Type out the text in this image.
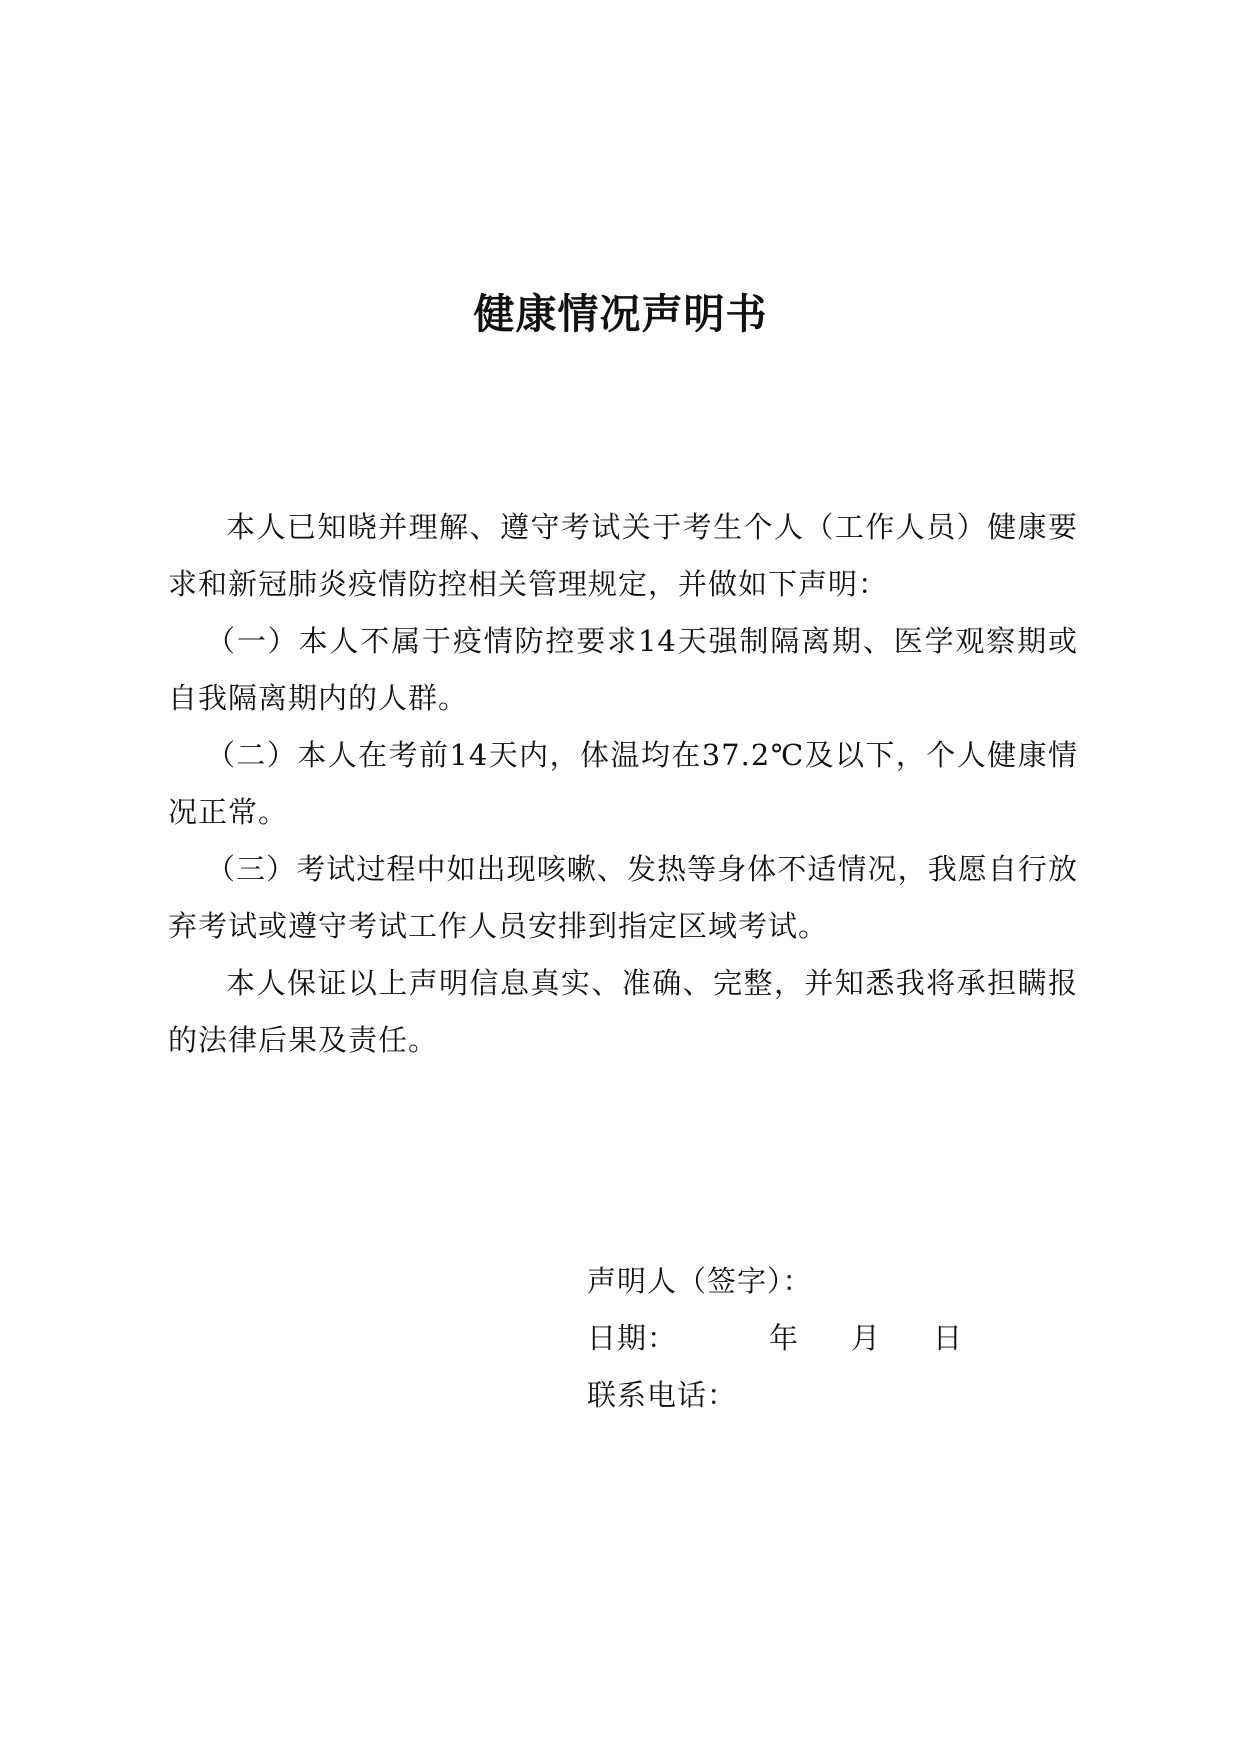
健康情况声明书

本人已知晓并理解、遵守考试关于考生个人（工作人员）健康要求和新冠肺炎疫情防控相关管理规定，并做如下声明：

（一）本人不属于疫情防控要求14天强制隔离期、医学观察期或自我隔离期内的人群。

（二）本人在考前14天内，体温均在37.2℃及以下，个人健康情况正常。

（三）考试过程中如出现咳嗽、发热等身体不适情况，我愿自行放弃考试或遵守考试工作人员安排到指定区域考试。

本人保证以上声明信息真实、准确、完整，并知悉我将承担瞒报的法律后果及责任。

声明人（签字）：
日期：	年 月 日
联系电话：
